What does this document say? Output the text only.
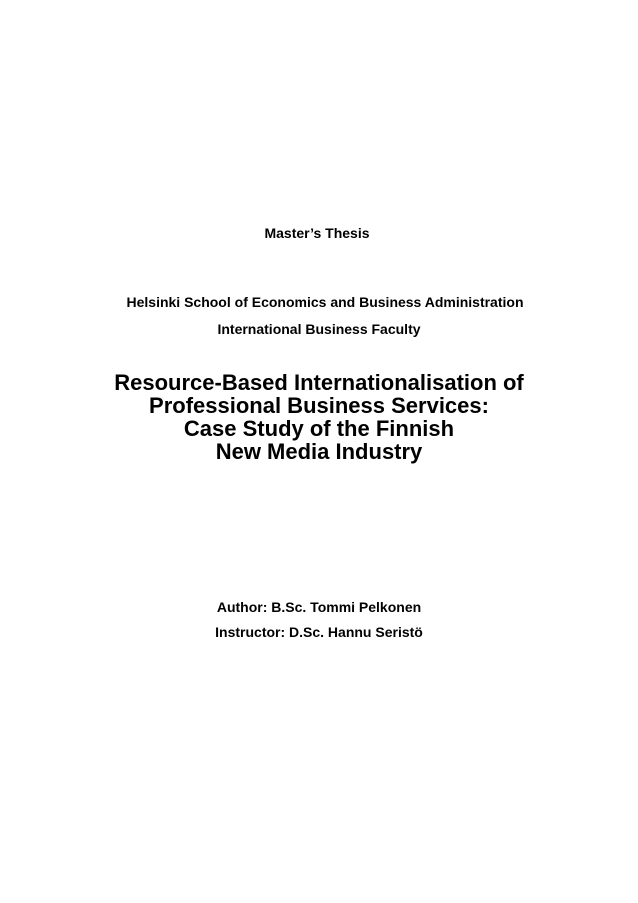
Master’s Thesis
Helsinki School of Economics and Business Administration
International Business Faculty
Resource-Based Internationalisation of
Professional Business Services:
Case Study of the Finnish
New Media Industry
Author: B.Sc. Tommi Pelkonen
Instructor: D.Sc. Hannu Seristö
